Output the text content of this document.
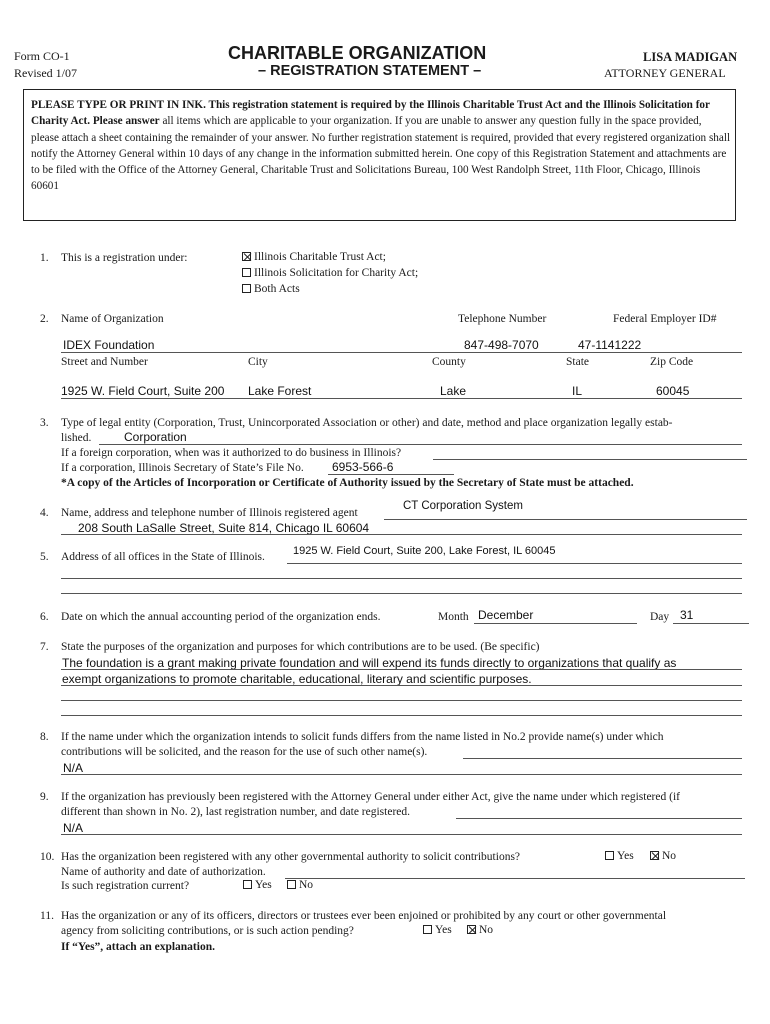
Form CO-1
Revised 1/07
CHARITABLE ORGANIZATION
– REGISTRATION STATEMENT –
LISA MADIGAN
ATTORNEY GENERAL
PLEASE TYPE OR PRINT IN INK. This registration statement is required by the Illinois Charitable Trust Act and the Illinois Solicitation for Charity Act. Please answer all items which are applicable to your organization. If you are unable to answer any question fully in the space provided, please attach a sheet containing the remainder of your answer. No further registration statement is required, provided that every registered organization shall notify the Attorney General within 10 days of any change in the information submitted herein. One copy of this Registration Statement and attachments are to be filed with the Office of the Attorney General, Charitable Trust and Solicitations Bureau, 100 West Randolph Street, 11th Floor, Chicago, Illinois 60601
1. This is a registration under:	Illinois Charitable Trust Act;
Illinois Solicitation for Charity Act;
Both Acts
2. Name of Organization	Telephone Number	Federal Employer ID#
IDEX Foundation	847-498-7070	47-1141222
Street and Number	City	County	State	Zip Code
1925 W. Field Court, Suite 200 Lake Forest	Lake	IL	60045
3. Type of legal entity (Corporation, Trust, Unincorporated Association or other) and date, method and place organization legally estab-
lished.	Corporation
If a foreign corporation, when was it authorized to do business in Illinois?
If a corporation, Illinois Secretary of State’s File No. 6953-566-6
*A copy of the Articles of Incorporation or Certificate of Authority issued by the Secretary of State must be attached.
4. Name, address and telephone number of Illinois registered agent
CT Corporation System
208 South LaSalle Street, Suite 814, Chicago IL 60604
5. Address of all offices in the State of Illinois.	1925 W. Field Court, Suite 200, Lake Forest, IL 60045
6. Date on which the annual accounting period of the organization ends.	Month December	Day 31
7. State the purposes of the organization and purposes for which contributions are to be used. (Be specific)
The foundation is a grant making private foundation and will expend its funds directly to organizations that qualify as
exempt organizations to promote charitable, educational, literary and scientific purposes.
8. If the name under which the organization intends to solicit funds differs from the name listed in No.2 provide name(s) under which
contributions will be solicited, and the reason for the use of such other name(s).
N/A
9. If the organization has previously been registered with the Attorney General under either Act, give the name under which registered (if
different than shown in No. 2), last registration number, and date registered.
N/A
10. Has the organization been registered with any other governmental authority to solicit contributions?	Yes	No
Name of authority and date of authorization.
Is such registration current?	Yes	No
11. Has the organization or any of its officers, directors or trustees ever been enjoined or prohibited by any court or other governmental
agency from soliciting contributions, or is such action pending?	Yes	No
If “Yes”, attach an explanation.
